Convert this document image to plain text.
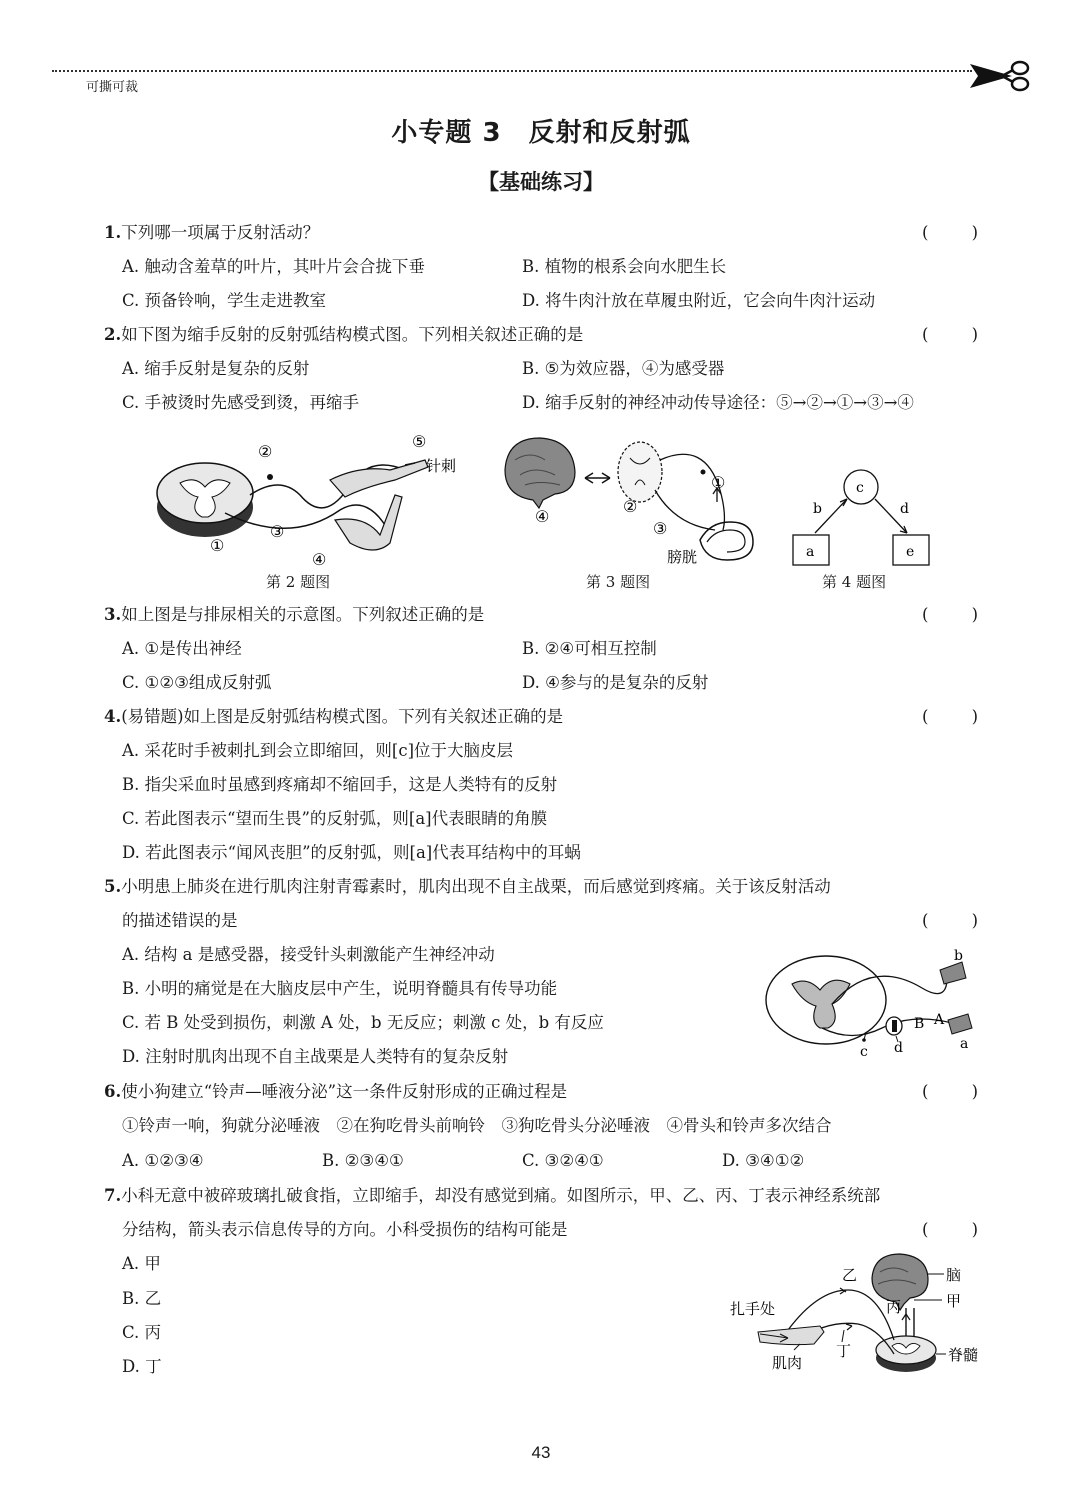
可撕可裁
小专题 3　反射和反射弧
【基础练习】
1.下列哪一项属于反射活动？	(	)
A. 触动含羞草的叶片，其叶片会合拢下垂	B. 植物的根系会向水肥生长
C. 预备铃响，学生走进教室	D. 将牛肉汁放在草履虫附近，它会向牛肉汁运动
2.如下图为缩手反射的反射弧结构模式图。下列相关叙述正确的是	(	)
A. 缩手反射是复杂的反射	B. ⑤为效应器，④为感受器
C. 手被烫时先感受到烫，再缩手	D. 缩手反射的神经冲动传导途径：⑤→②→①→③→④
②
①
③
④
⑤
针刺
第 2 题图
④
②
③
①
膀胱
第 3 题图
a
b
c
d
e
第 4 题图
3.如上图是与排尿相关的示意图。下列叙述正确的是	(	)
A. ①是传出神经	B. ②④可相互控制
C. ①②③组成反射弧	D. ④参与的是复杂的反射
4.(易错题)如上图是反射弧结构模式图。下列有关叙述正确的是	(	)
A. 采花时手被刺扎到会立即缩回，则[c]位于大脑皮层
B. 指尖采血时虽感到疼痛却不缩回手，这是人类特有的反射
C. 若此图表示“望而生畏”的反射弧，则[a]代表眼睛的角膜
D. 若此图表示“闻风丧胆”的反射弧，则[a]代表耳结构中的耳蜗
5.小明患上肺炎在进行肌肉注射青霉素时，肌肉出现不自主战栗，而后感觉到疼痛。关于该反射活动
的描述错误的是	(	)
A. 结构 a 是感受器，接受针头刺激能产生神经冲动
B. 小明的痛觉是在大脑皮层中产生，说明脊髓具有传导功能
C. 若 B 处受到损伤，刺激 A 处，b 无反应；刺激 c 处，b 有反应
D. 注射时肌肉出现不自主战栗是人类特有的复杂反射
b
A
B
c d	a
6.使小狗建立“铃声—唾液分泌”这一条件反射形成的正确过程是	(	)
①铃声一响，狗就分泌唾液　②在狗吃骨头前响铃　③狗吃骨头分泌唾液　④骨头和铃声多次结合
A. ①②③④	B. ②③④①	C. ③②④①	D. ③④①②
7.小科无意中被碎玻璃扎破食指，立即缩手，却没有感觉到痛。如图所示，甲、乙、丙、丁表示神经系统部
分结构，箭头表示信息传导的方向。小科受损伤的结构可能是	(	)
A. 甲
B. 乙
C. 丙
D. 丁
乙	脑
扎手处	丙	甲
丁
肌肉	脊髓
43
